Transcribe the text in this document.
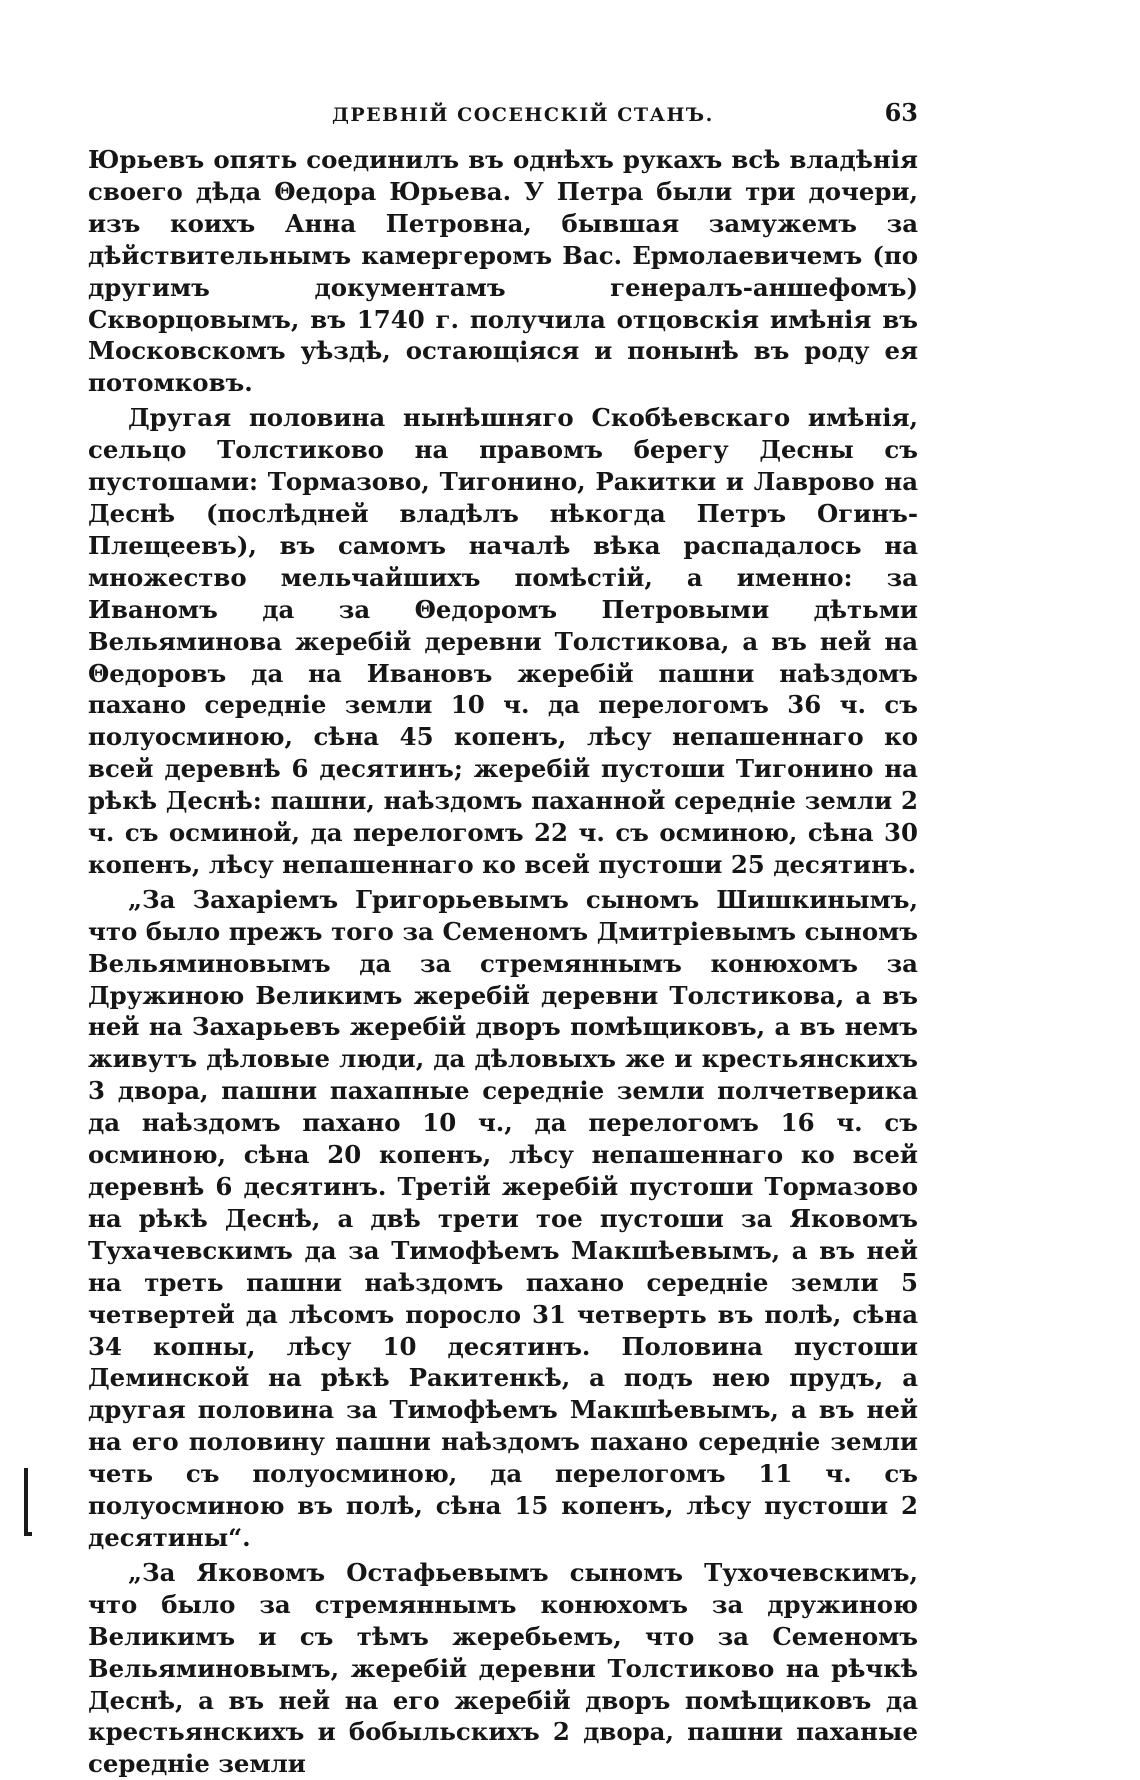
ДРЕВНІЙ СОСЕНСКІЙ СТАНЪ.	63

Юрьевъ опять соединилъ въ однѣхъ рукахъ всѣ владѣнія своего дѣда Θедора Юрьева. У Петра были три дочери, изъ коихъ Анна Петровна, бывшая замужемъ за дѣйствительнымъ камергеромъ Вас. Ермолаевичемъ (по другимъ документамъ генералъ-аншефомъ) Скворцовымъ, въ 1740 г. получила отцовскія имѣнія въ Московскомъ уѣздѣ, остающіяся и понынѣ въ роду ея потомковъ.

Другая половина нынѣшняго Скобѣевскаго имѣнія, сельцо Толстиково на правомъ берегу Десны съ пустошами: Тормазово, Тигонино, Ракитки и Лаврово на Деснѣ (послѣдней владѣлъ нѣкогда Петръ Огинъ-Плещеевъ), въ самомъ началѣ вѣка распадалось на множество мельчайшихъ помѣстій, а именно: за Иваномъ да за Θедоромъ Петровыми дѣтьми Вельяминова жеребій деревни Толстикова, а въ ней на Θедоровъ да на Ивановъ жеребій пашни наѣздомъ пахано середніе земли 10 ч. да перелогомъ 36 ч. съ полуосминою, сѣна 45 копенъ, лѣсу непашеннаго ко всей деревнѣ 6 десятинъ; жеребій пустоши Тигонино на рѣкѣ Деснѣ: пашни, наѣздомъ паханной середніе земли 2 ч. съ осминой, да перелогомъ 22 ч. съ осминою, сѣна 30 копенъ, лѣсу непашеннаго ко всей пустоши 25 десятинъ.

„За Захаріемъ Григорьевымъ сыномъ Шишкинымъ, что было прежъ того за Семеномъ Дмитріевымъ сыномъ Вельяминовымъ да за стремяннымъ конюхомъ за Дружиною Великимъ жеребій деревни Толстикова, а въ ней на Захарьевъ жеребій дворъ помѣщиковъ, а въ немъ живутъ дѣловые люди, да дѣловыхъ же и крестьянскихъ 3 двора, пашни пахапные середніе земли полчетверика да наѣздомъ пахано 10 ч., да перелогомъ 16 ч. съ осминою, сѣна 20 копенъ, лѣсу непашеннаго ко всей деревнѣ 6 десятинъ. Третій жеребій пустоши Тормазово на рѣкѣ Деснѣ, а двѣ трети тое пустоши за Яковомъ Тухачевскимъ да за Тимофѣемъ Макшѣевымъ, а въ ней на треть пашни наѣздомъ пахано середніе земли 5 четвертей да лѣсомъ поросло 31 четверть въ полѣ, сѣна 34 копны, лѣсу 10 десятинъ. Половина пустоши Деминской на рѣкѣ Ракитенкѣ, а подъ нею прудъ, а другая половина за Тимофѣемъ Макшѣевымъ, а въ ней на его половину пашни наѣздомъ пахано середніе земли четь съ полуосминою, да перелогомъ 11 ч. съ полуосминою въ полѣ, сѣна 15 копенъ, лѣсу пустоши 2 десятины“.

„За Яковомъ Остафьевымъ сыномъ Тухочевскимъ, что было за стремяннымъ конюхомъ за дружиною Великимъ и съ тѣмъ жеребьемъ, что за Семеномъ Вельяминовымъ, жеребій деревни Толстиково на рѣчкѣ Деснѣ, а въ ней на его жеребій дворъ помѣщиковъ да крестьянскихъ и бобыльскихъ 2 двора, пашни паханые середніе земли
